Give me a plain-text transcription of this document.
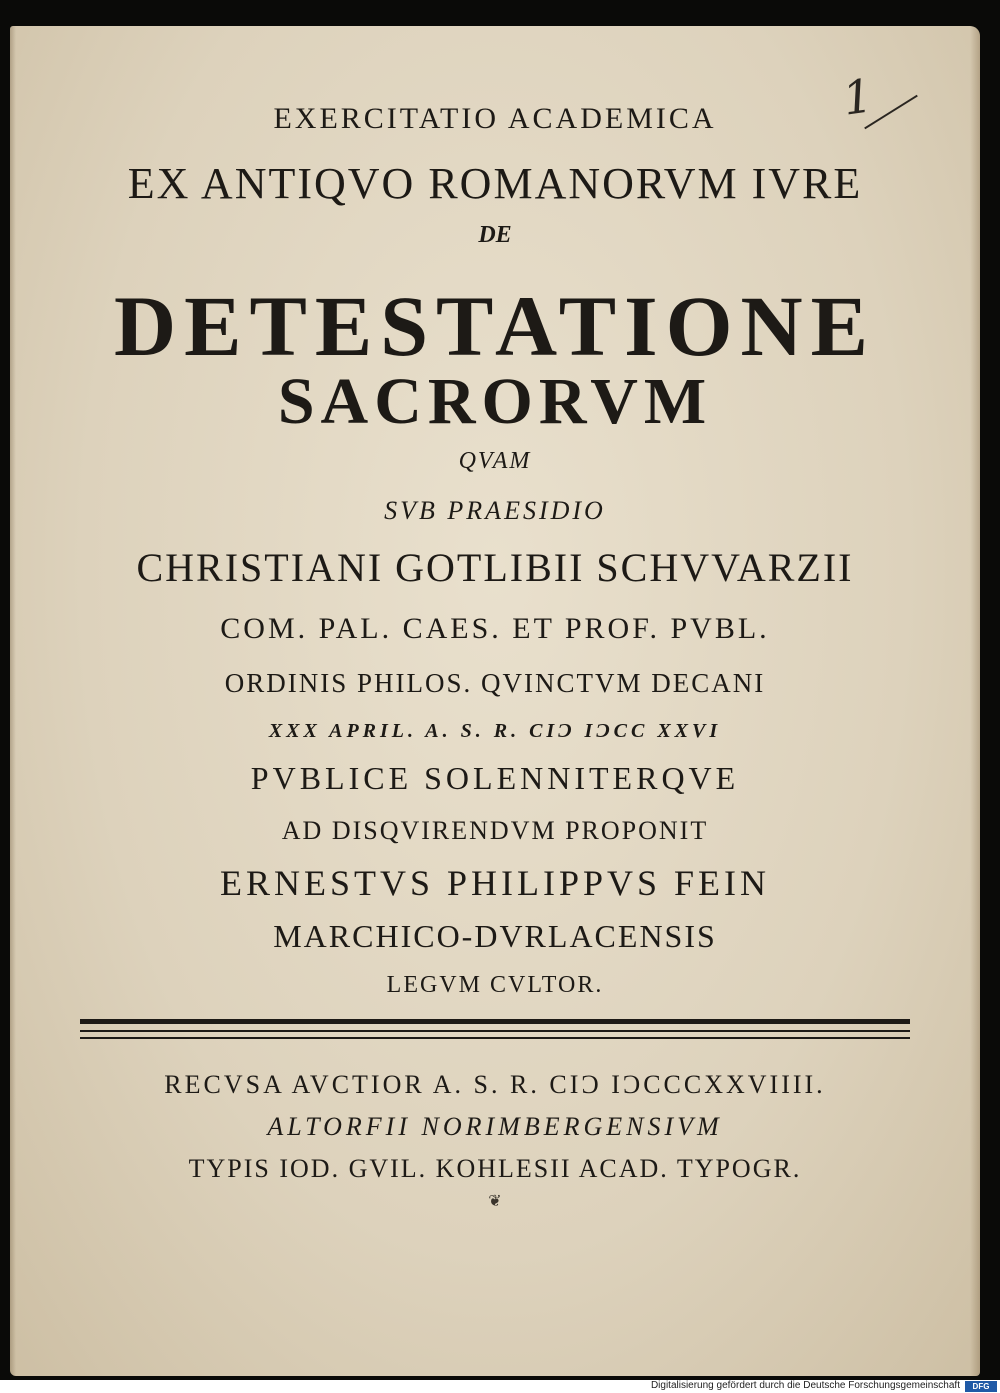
1
EXERCITATIO ACADEMICA
EX ANTIQVO ROMANORVM IVRE
DE
DETESTATIONE
SACRORVM
QVAM
SVB PRAESIDIO
CHRISTIANI GOTLIBII SCHVVARZII
COM. PAL. CAES. ET PROF. PVBL.
ORDINIS PHILOS. QVINCTVM DECANI
XXX APRIL. A. S. R. CIƆ IƆCC XXVI
PVBLICE SOLENNITERQVE
AD DISQVIRENDVM PROPONIT
ERNESTVS PHILIPPVS FEIN
MARCHICO-DVRLACENSIS
LEGVM CVLTOR.
RECVSA AVCTIOR A. S. R. CIƆ IƆCCCXXVIIII.
ALTORFII NORIMBERGENSIVM
TYPIS IOD. GVIL. KOHLESII ACAD. TYPOGR.
❦
Digitalisierung gefördert durch die Deutsche Forschungsgemeinschaft	DFG
